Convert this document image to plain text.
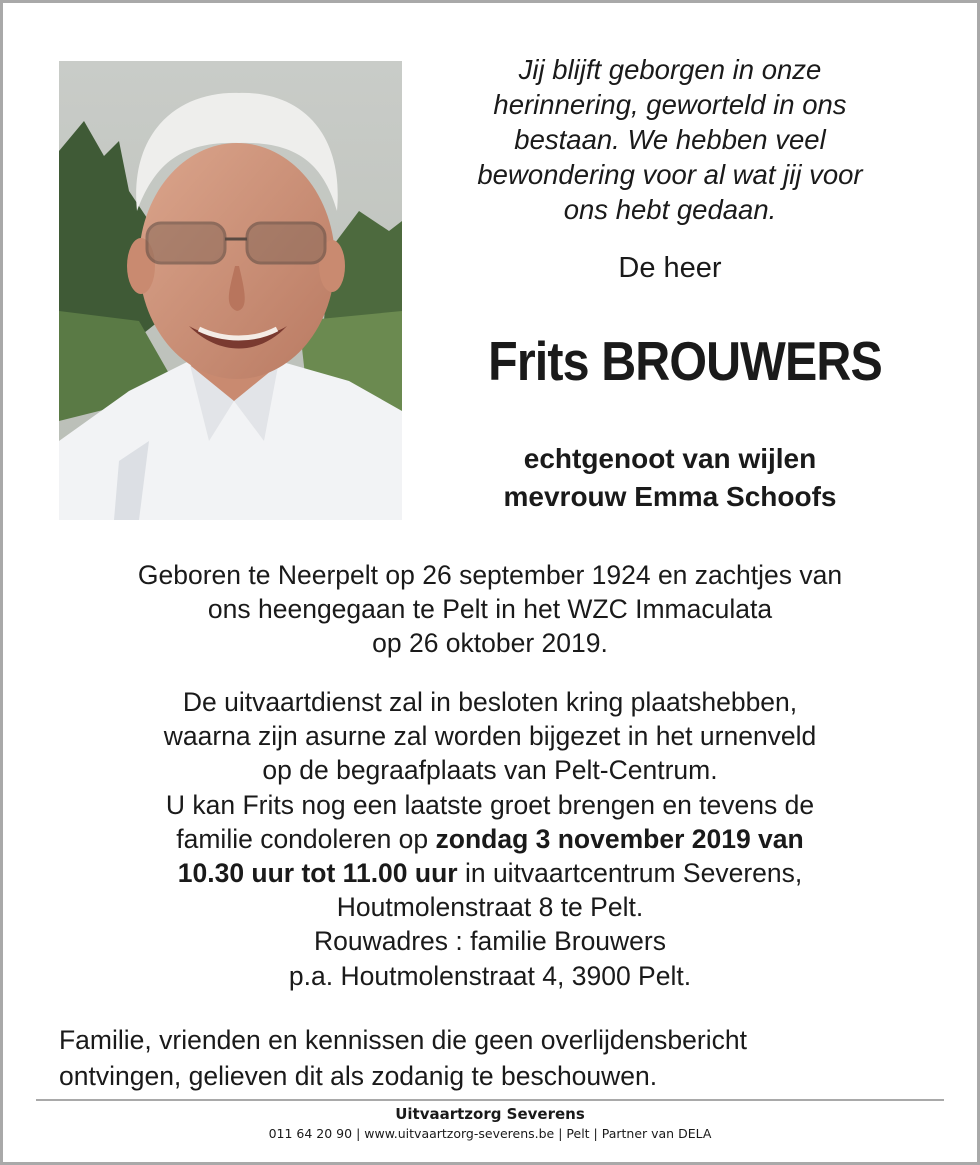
Jij blijft geborgen in onze
herinnering, geworteld in ons
bestaan. We hebben veel
bewondering voor al wat jij voor
ons hebt gedaan.
De heer
Frits BROUWERS
echtgenoot van wijlen
mevrouw Emma Schoofs
Geboren te Neerpelt op 26 september 1924 en zachtjes van
ons heengegaan te Pelt in het WZC Immaculata
op 26 oktober 2019.
De uitvaartdienst zal in besloten kring plaatshebben,
waarna zijn asurne zal worden bijgezet in het urnenveld
op de begraafplaats van Pelt-Centrum.
U kan Frits nog een laatste groet brengen en tevens de
familie condoleren op zondag 3 november 2019 van
10.30 uur tot 11.00 uur in uitvaartcentrum Severens,
Houtmolenstraat 8 te Pelt.
Rouwadres : familie Brouwers
p.a. Houtmolenstraat 4, 3900 Pelt.
Familie, vrienden en kennissen die geen overlijdensbericht
ontvingen, gelieven dit als zodanig te beschouwen.
Uitvaartzorg Severens
011 64 20 90 | www.uitvaartzorg-severens.be | Pelt | Partner van DELA
